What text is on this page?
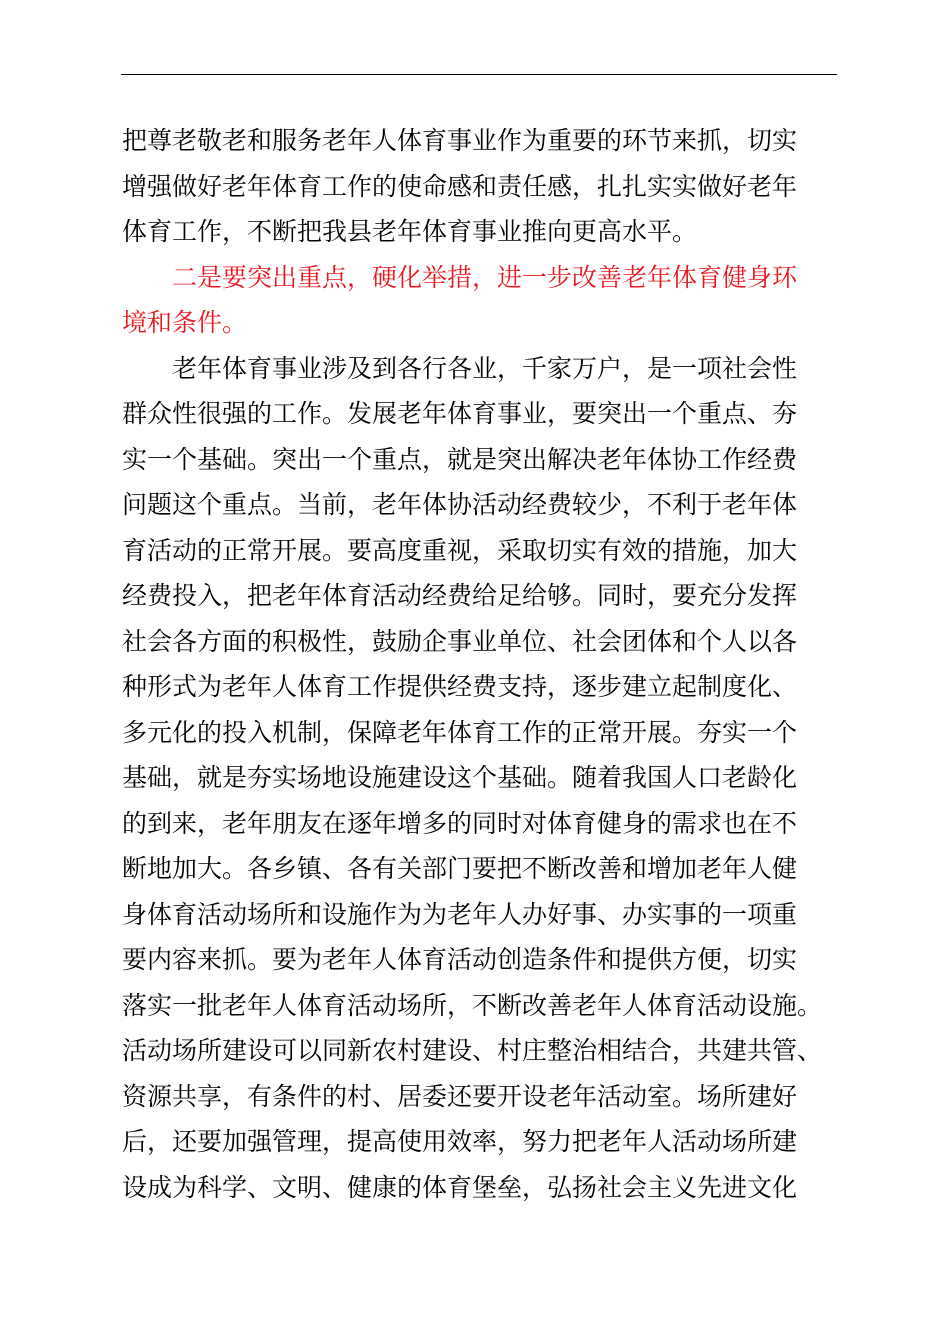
把尊老敬老和服务老年人体育事业作为重要的环节来抓，切实
增强做好老年体育工作的使命感和责任感，扎扎实实做好老年
体育工作，不断把我县老年体育事业推向更高水平。
二是要突出重点，硬化举措，进一步改善老年体育健身环
境和条件。
老年体育事业涉及到各行各业，千家万户，是一项社会性
群众性很强的工作。发展老年体育事业，要突出一个重点、夯
实一个基础。突出一个重点，就是突出解决老年体协工作经费
问题这个重点。当前，老年体协活动经费较少，不利于老年体
育活动的正常开展。要高度重视，采取切实有效的措施，加大
经费投入，把老年体育活动经费给足给够。同时，要充分发挥
社会各方面的积极性，鼓励企事业单位、社会团体和个人以各
种形式为老年人体育工作提供经费支持，逐步建立起制度化、
多元化的投入机制，保障老年体育工作的正常开展。夯实一个
基础，就是夯实场地设施建设这个基础。随着我国人口老龄化
的到来，老年朋友在逐年增多的同时对体育健身的需求也在不
断地加大。各乡镇、各有关部门要把不断改善和增加老年人健
身体育活动场所和设施作为为老年人办好事、办实事的一项重
要内容来抓。要为老年人体育活动创造条件和提供方便，切实
落实一批老年人体育活动场所，不断改善老年人体育活动设施。
活动场所建设可以同新农村建设、村庄整治相结合，共建共管、
资源共享，有条件的村、居委还要开设老年活动室。场所建好
后，还要加强管理，提高使用效率，努力把老年人活动场所建
设成为科学、文明、健康的体育堡垒，弘扬社会主义先进文化
